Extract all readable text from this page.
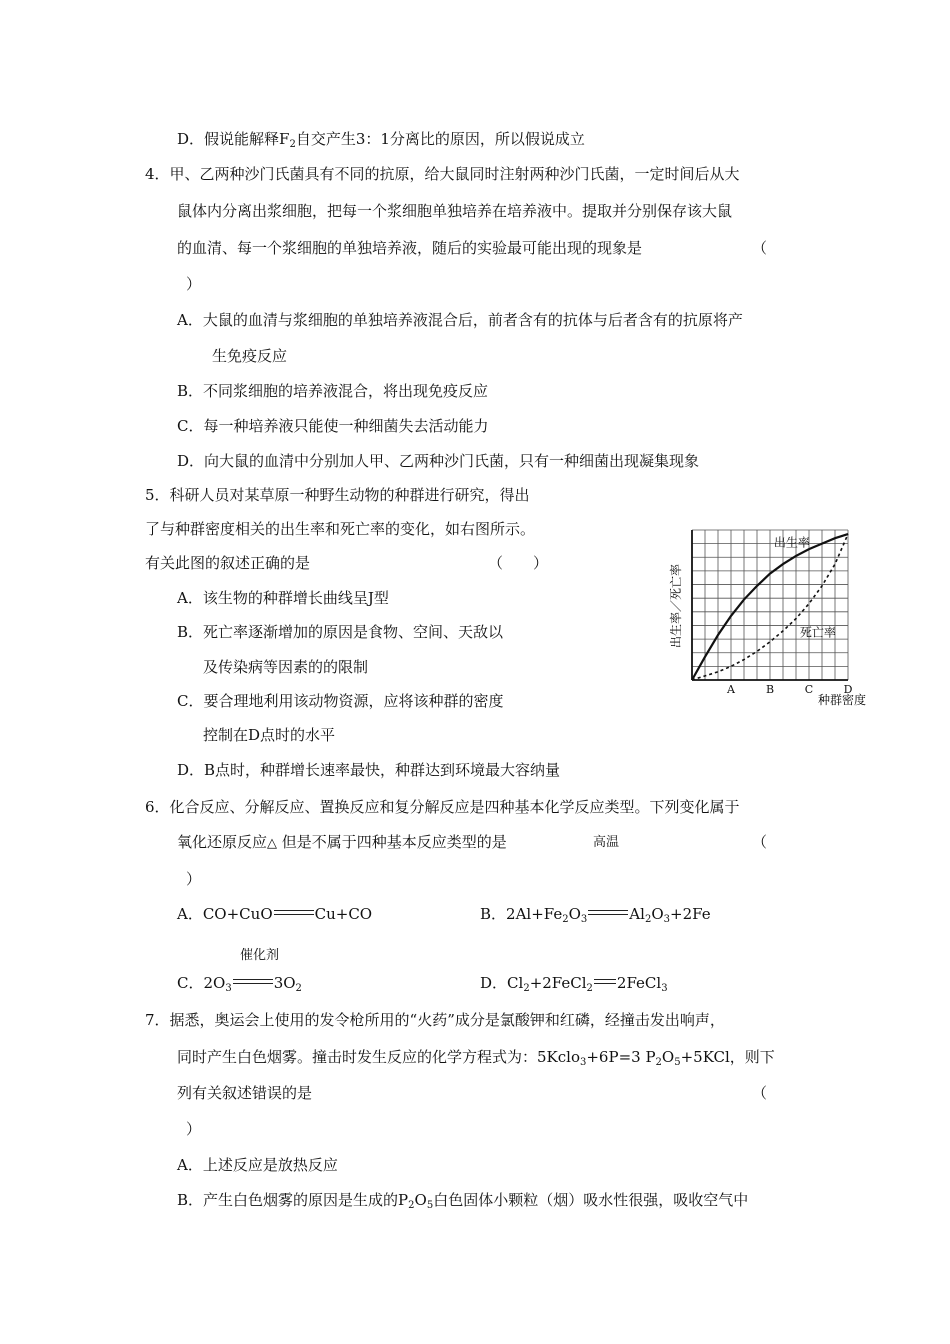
D．假说能解释$F_2$自交产生3：1分离比的原因，所以假说成立
4．甲、乙两种沙门氏菌具有不同的抗原，给大鼠同时注射两种沙门氏菌，一定时间后从大
鼠体内分离出浆细胞，把每一个浆细胞单独培养在培养液中。提取并分别保存该大鼠
的血清、每一个浆细胞的单独培养液，随后的实验最可能出现的现象是	（
）
A．大鼠的血清与浆细胞的单独培养液混合后，前者含有的抗体与后者含有的抗原将产
生免疫反应
B．不同浆细胞的培养液混合，将出现免疫反应
C．每一种培养液只能使一种细菌失去活动能力
D．向大鼠的血清中分别加人甲、乙两种沙门氏菌，只有一种细菌出现凝集现象
5．科研人员对某草原一种野生动物的种群进行研究，得出
了与种群密度相关的出生率和死亡率的变化，如右图所示。
有关此图的叙述正确的是	（　　）
A．该生物的种群增长曲线呈J型
B．死亡率逐渐增加的原因是食物、空间、天敌以
及传染病等因素的的限制
C．要合理地利用该动物资源，应将该种群的密度
控制在D点时的水平
D．B点时，种群增长速率最快，种群达到环境最大容纳量
出生率
死亡率
A	B	C	D
出生率／死亡率
种群密度
6．化合反应、分解反应、置换反应和复分解反应是四种基本化学反应类型。下列变化属于
氧化还原反应△ 但是不属于四种基本反应类型的是	高温	（
）
A．CO+CuO	Cu+CO	B．$2Al+Fe_2O_3$	$Al_2O_3+2Fe$
催化剂
C．$2O_3$	$3O_2$	D．$Cl_2+2FeCl_2$ 2FeCl$_3$
7．据悉，奥运会上使用的发令枪所用的“火药”成分是氯酸钾和红磷，经撞击发出响声，
同时产生白色烟雾。撞击时发生反应的化学方程式为：5Kclo$_3$+6P=3 $P_2O_5+5KCl$，则下
列有关叙述错误的是	（
）
A．上述反应是放热反应
B．产生白色烟雾的原因是生成的$P_2O_5$白色固体小颗粒（烟）吸水性很强，吸收空气中
